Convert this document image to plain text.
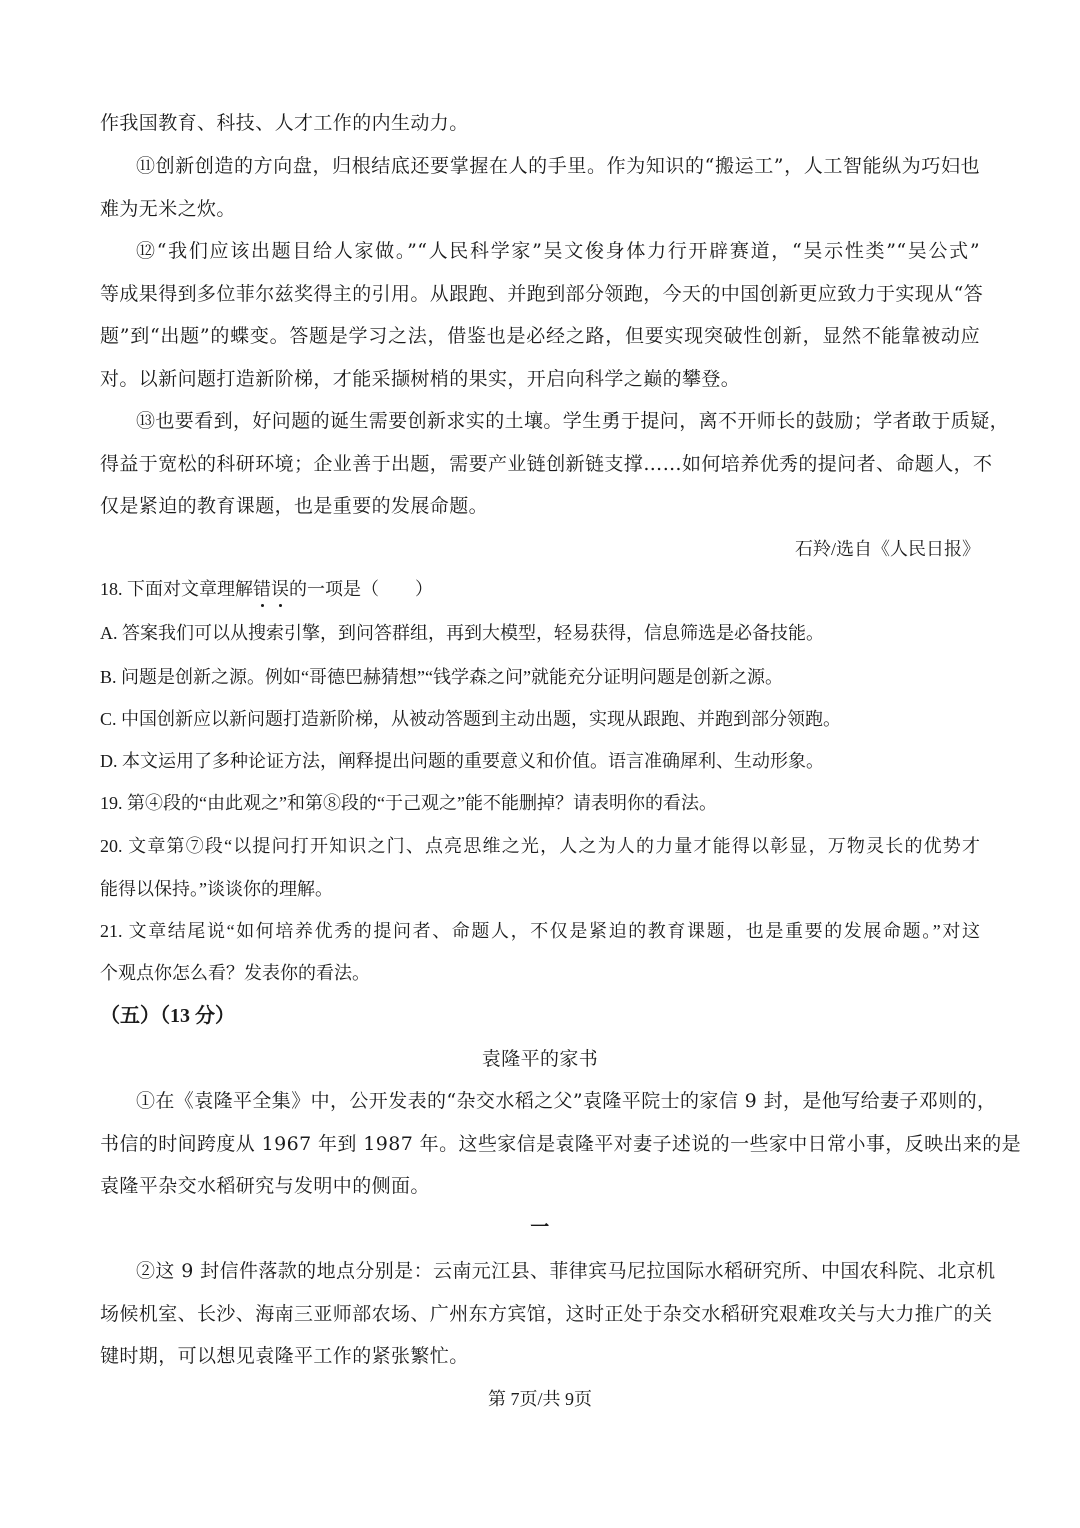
作我国教育、科技、人才工作的内生动力。
⑪创新创造的方向盘，归根结底还要掌握在人的手里。作为知识的“搬运工”，人工智能纵为巧妇也
难为无米之炊。
⑫“我们应该出题目给人家做。”“人民科学家”吴文俊身体力行开辟赛道，“吴示性类”“吴公式”
等成果得到多位菲尔兹奖得主的引用。从跟跑、并跑到部分领跑，今天的中国创新更应致力于实现从“答
题”到“出题”的蝶变。答题是学习之法，借鉴也是必经之路，但要实现突破性创新，显然不能靠被动应
对。以新问题打造新阶梯，才能采撷树梢的果实，开启向科学之巅的攀登。
⑬也要看到，好问题的诞生需要创新求实的土壤。学生勇于提问，离不开师长的鼓励；学者敢于质疑，
得益于宽松的科研环境；企业善于出题，需要产业链创新链支撑……如何培养优秀的提问者、命题人，不
仅是紧迫的教育课题，也是重要的发展命题。
石羚/选自《人民日报》
18. 下面对文章理解错误的一项是（　　）
A. 答案我们可以从搜索引擎，到问答群组，再到大模型，轻易获得，信息筛选是必备技能。
B. 问题是创新之源。例如“哥德巴赫猜想”“钱学森之问”就能充分证明问题是创新之源。
C. 中国创新应以新问题打造新阶梯，从被动答题到主动出题，实现从跟跑、并跑到部分领跑。
D. 本文运用了多种论证方法，阐释提出问题的重要意义和价值。语言准确犀利、生动形象。
19. 第④段的“由此观之”和第⑧段的“于己观之”能不能删掉？请表明你的看法。
20. 文章第⑦段“以提问打开知识之门、点亮思维之光，人之为人的力量才能得以彰显，万物灵长的优势才
能得以保持。”谈谈你的理解。
21. 文章结尾说“如何培养优秀的提问者、命题人，不仅是紧迫的教育课题，也是重要的发展命题。”对这
个观点你怎么看？发表你的看法。
（五）（13 分）
袁隆平的家书
①在《袁隆平全集》中，公开发表的“杂交水稻之父”袁隆平院士的家信 9 封，是他写给妻子邓则的，
书信的时间跨度从 1967 年到 1987 年。这些家信是袁隆平对妻子述说的一些家中日常小事，反映出来的是
袁隆平杂交水稻研究与发明中的侧面。
一
②这 9 封信件落款的地点分别是：云南元江县、菲律宾马尼拉国际水稻研究所、中国农科院、北京机
场候机室、长沙、海南三亚师部农场、广州东方宾馆，这时正处于杂交水稻研究艰难攻关与大力推广的关
键时期，可以想见袁隆平工作的紧张繁忙。
第 7页/共 9页
